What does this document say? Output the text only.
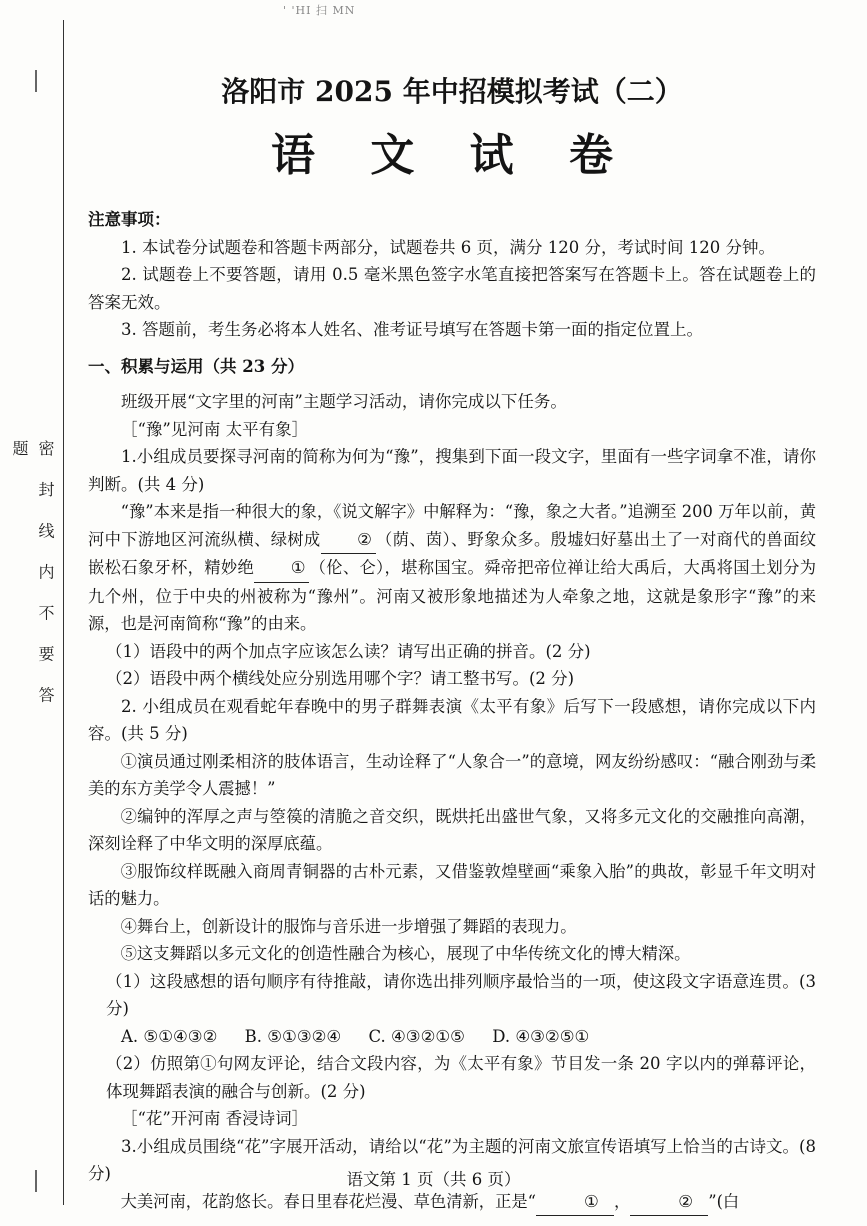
' 'HI 扫 MN
密 封 线 内 不 要 答 题
洛阳市 2025 年中招模拟考试（二）
语 文 试 卷

注意事项：

1. 本试卷分试题卷和答题卡两部分，试题卷共 6 页，满分 120 分，考试时间 120 分钟。

2. 试题卷上不要答题，请用 0.5 毫米黑色签字水笔直接把答案写在答题卡上。答在试题卷上的答案无效。

3. 答题前，考生务必将本人姓名、准考证号填写在答题卡第一面的指定位置上。

一、积累与运用（共 23 分）

班级开展“文字里的河南”主题学习活动，请你完成以下任务。

［“豫”见河南 太平有象］

1.小组成员要探寻河南的简称为何为“豫”，搜集到下面一段文字，里面有一些字词拿不准，请你判断。(共 4 分)

“豫”本来是指一种很大的象，《说文解字》中解释为：“豫，象之大者。”追溯至 200 万年以前，黄河中下游地区河流纵横、绿树成 ② （荫、茵）、野象众多。殷墟妇好墓出土了一对商代的兽面纹嵌松石象牙杯，精妙绝 ① （伦、仑），堪称国宝。舜帝把帝位禅让给大禹后，大禹将国土划分为九个州，位于中央的州被称为“豫州”。河南又被形象地描述为人牵象之地，这就是象形字“豫”的来源，也是河南简称“豫”的由来。

（1）语段中的两个加点字应该怎么读？请写出正确的拼音。(2 分)

（2）语段中两个横线处应分别选用哪个字？请工整书写。(2 分)

2. 小组成员在观看蛇年春晚中的男子群舞表演《太平有象》后写下一段感想，请你完成以下内容。(共 5 分)

①演员通过刚柔相济的肢体语言，生动诠释了“人象合一”的意境，网友纷纷感叹：“融合刚劲与柔美的东方美学令人震撼！”

②编钟的浑厚之声与箜篌的清脆之音交织，既烘托出盛世气象，又将多元文化的交融推向高潮，深刻诠释了中华文明的深厚底蕴。

③服饰纹样既融入商周青铜器的古朴元素，又借鉴敦煌壁画“乘象入胎”的典故，彰显千年文明对话的魅力。

④舞台上，创新设计的服饰与音乐进一步增强了舞蹈的表现力。

⑤这支舞蹈以多元文化的创造性融合为核心，展现了中华传统文化的博大精深。

（1）这段感想的语句顺序有待推敲，请你选出排列顺序最恰当的一项，使这段文字语意连贯。(3 分)

A. ⑤①④③② B. ⑤①③②④ C. ④③②①⑤ D. ④③②⑤①

（2）仿照第①句网友评论，结合文段内容，为《太平有象》节目发一条 20 字以内的弹幕评论，体现舞蹈表演的融合与创新。(2 分)

［“花”开河南 香浸诗词］

3.小组成员围绕“花”字展开活动，请给以“花”为主题的河南文旅宣传语填写上恰当的古诗文。(8 分)

大美河南，花韵悠长。春日里春花烂漫、草色清新，正是“	① ，	② ”(白

语文第 1 页（共 6 页）
